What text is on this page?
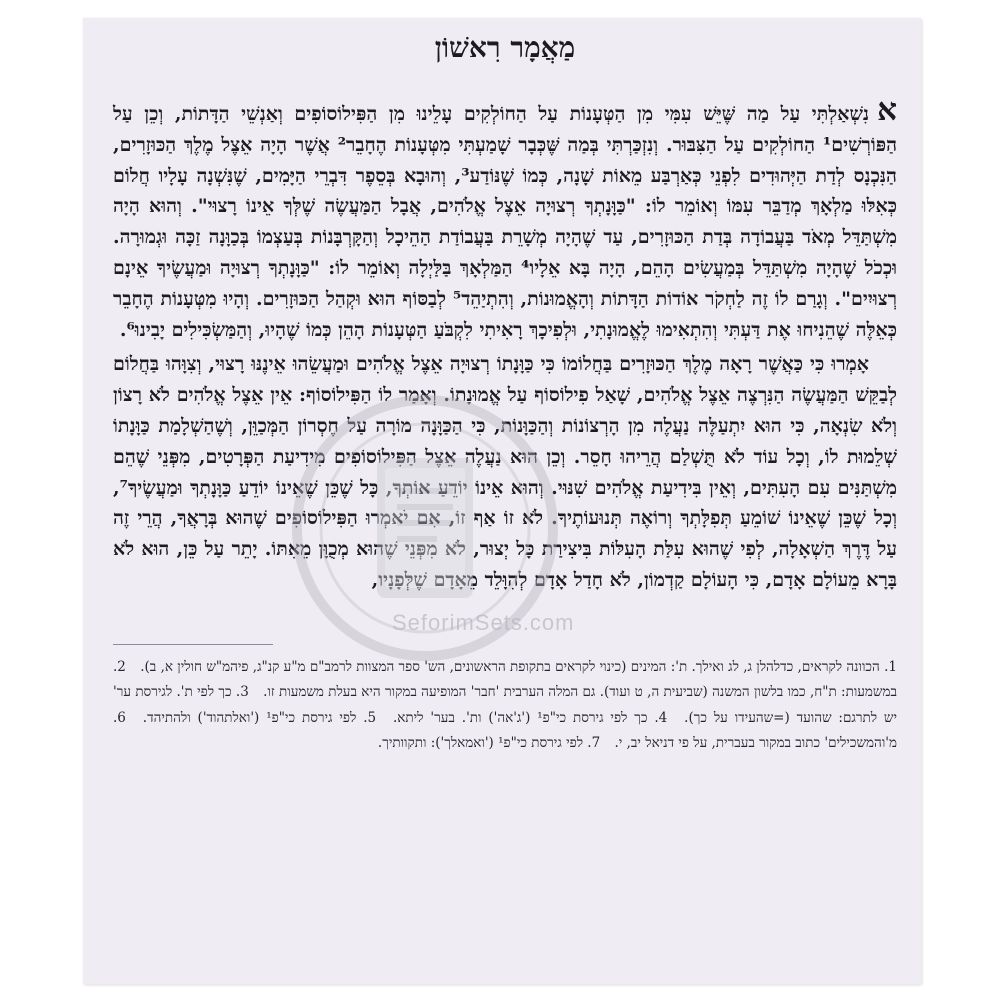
מַאֲמָר רִאשׁוֹן

אנִשְׁאַלְתִּי עַל מַה שֶּׁיֵּשׁ עִמִּי מִן הַטְּעָנוֹת עַל הַחוֹלְקִים עָלֵינוּ מִן הַפִּילוֹסוֹפִים וְאַנְשֵׁי הַדָּתוֹת, וְכֵן עַל הַפּוֹרְשִׁים¹ הַחוֹלְקִים עַל הַצִּבּוּר. וְנִזְכַּרְתִּי בְּמַה שֶּׁכְּבָר שָׁמַעְתִּי מִטְּעָנוֹת הֶחָבֵר² אֲשֶׁר הָיָה אֵצֶל מֶלֶךְ הַכּוּזָרִים, הַנִּכְנָס לְדַת הַיְּהוּדִים לִפְנֵי כְּאַרְבַּע מֵאוֹת שָׁנָה, כְּמוֹ שֶׁנּוֹדַע³, וְהוּבָא בְּסֵפֶר דִּבְרֵי הַיָּמִים, שֶׁנִּשְׁנָה עָלָיו חֲלוֹם כְּאִלּוּ מַלְאָךְ מְדַבֵּר עִמּוֹ וְאוֹמֵר לוֹ: "כַּוָּנָתְךָ רְצוּיָה אֵצֶל אֱלֹהִים, אֲבָל הַמַּעֲשֶׂה שֶׁלְּךָ אֵינוֹ רָצוּי". וְהוּא הָיָה מִשְׁתַּדֵּל מְאֹד בַּעֲבוֹדָה בְּדַת הַכּוּזָרִים, עַד שֶׁהָיָה מְשָׁרֵת בַּעֲבוֹדַת הַהֵיכָל וְהַקָּרְבָּנוֹת בְּעַצְמוֹ בְּכַוָּנָה זַכָּה וּגְמוּרָה. וּכְכֹל שֶׁהָיָה מִשְׁתַּדֵּל בְּמַעֲשִׂים הָהֵם, הָיָה בָּא אֵלָיו⁴ הַמַּלְאָךְ בַּלַּיְלָה וְאוֹמֵר לוֹ: "כַּוָּנָתְךָ רְצוּיָה וּמַעֲשֶׂיךָ אֵינָם רְצוּיִים". וְגָרַם לוֹ זֶה לַחְקֹר אוֹדוֹת הַדָּתוֹת וְהָאֱמוּנוֹת, וְהִתְיַהֵד⁵ לְבַסּוֹף הוּא וּקְהַל הַכּוּזָרִים. וְהָיוּ מִטְּעָנוֹת הֶחָבֵר כְּאֵלֶּה שֶׁהֵנִיחוּ אֶת דַּעְתִּי וְהִתְאִימוּ לֶאֱמוּנָתִי, וּלְפִיכָךְ רָאִיתִי לִקְבֹּעַ הַטְּעָנוֹת הָהֵן כְּמוֹ שֶׁהָיוּ, וְהַמַּשְׂכִּילִים יָבִינוּ⁶.

אָמְרוּ כִּי כַּאֲשֶׁר רָאָה מֶלֶךְ הַכּוּזָרִים בַּחֲלוֹמוֹ כִּי כַּוָּנָתוֹ רְצוּיָה אֵצֶל אֱלֹהִים וּמַעֲשֵׂהוּ אֵינֶנּוּ רָצוּי, וְצִוָּהוּ בַּחֲלוֹם לְבַקֵּשׁ הַמַּעֲשֶׂה הַנִּרְצֶה אֵצֶל אֱלֹהִים, שָׁאַל פִילוֹסוֹף עַל אֱמוּנָתוֹ. וְאָמַר לוֹ הַפִּילוֹסוֹף: אֵין אֵצֶל אֱלֹהִים לֹא רָצוֹן וְלֹא שִׂנְאָה, כִּי הוּא יִתְעַלֶּה נַעֲלֶה מִן הָרְצוֹנוֹת וְהַכַּוָּנוֹת, כִּי הַכַּוָּנָה מוֹרָה עַל חֶסְרוֹן הַמְּכַוֵּן, וְשֶׁהַשְׁלָמַת כַּוָּנָתוֹ שְׁלֵמוּת לוֹ, וְכָל עוֹד לֹא תֻּשְׁלַם הֲרֵיהוּ חָסֵר. וְכֵן הוּא נַעֲלֶה אֵצֶל הַפִּילוֹסוֹפִים מִידִיעַת הַפְּרָטִים, מִפְּנֵי שֶׁהֵם מִשְׁתַּנִּים עִם הָעִתִּים, וְאֵין בִּידִיעַת אֱלֹהִים שִׁנּוּי. וְהוּא אֵינוֹ יוֹדֵעַ אוֹתְךָ, כָּל שֶׁכֵּן שֶׁאֵינוֹ יוֹדֵעַ כַּוָּנָתְךָ וּמַעֲשֶׂיךָ⁷, וְכָל שֶׁכֵּן שֶׁאֵינוֹ שׁוֹמֵעַ תְּפִלָּתְךָ וְרוֹאֶה תְּנוּעוֹתֶיךָ. לֹא זוֹ אַף זוֹ, אִם יֹאמְרוּ הַפִּילוֹסוֹפִים שֶׁהוּא בְּרָאֲךָ, הֲרֵי זֶה עַל דֶּרֶךְ הַשְׁאָלָה, לְפִי שֶׁהוּא עִלַּת הָעִלּוֹת בִּיצִירַת כָּל יְצוּר, לֹא מִפְּנֵי שֶׁהוּא מְכֻוָּן מֵאִתּוֹ. יָתֵר עַל כֵּן, הוּא לֹא בָּרָא מֵעוֹלָם אָדָם, כִּי הָעוֹלָם קַדְמוֹן, לֹא חָדַל אָדָם לְהִוָּלֵד מֵאָדָם שֶׁלְּפָנָיו,

1. הכוונה לקראים, כדלהלן ג, לג ואילך. ת': המינים (כינוי לקראים בתקופת הראשונים, הש' ספר המצוות לרמב"ם מ"ע קנ"ג, פיהמ"ש חולין א, ב). 2. במשמעות: ת"ח, כמו בלשון המשנה (שביעית ה, ט ועוד). גם המלה הערבית 'חבר' המופיעה במקור היא בעלת משמעות זו. 3. כך לפי ת'. לגירסת ער' יש לתרגם: שהועד (=שהעידו על כך). 4. כך לפי גירסת כי"פ¹ ('ג'אה') ות'. בער' ליתא. 5. לפי גירסת כי"פ¹ ('ואלתהוד') ולהתיהד. 6. מ'והמשכילים' כתוב במקור בעברית, על פי דניאל יב, י. 7. לפי גירסת כי"פ¹ ('ואמאלך'): ותקוותיך.
SeforimSets.com
